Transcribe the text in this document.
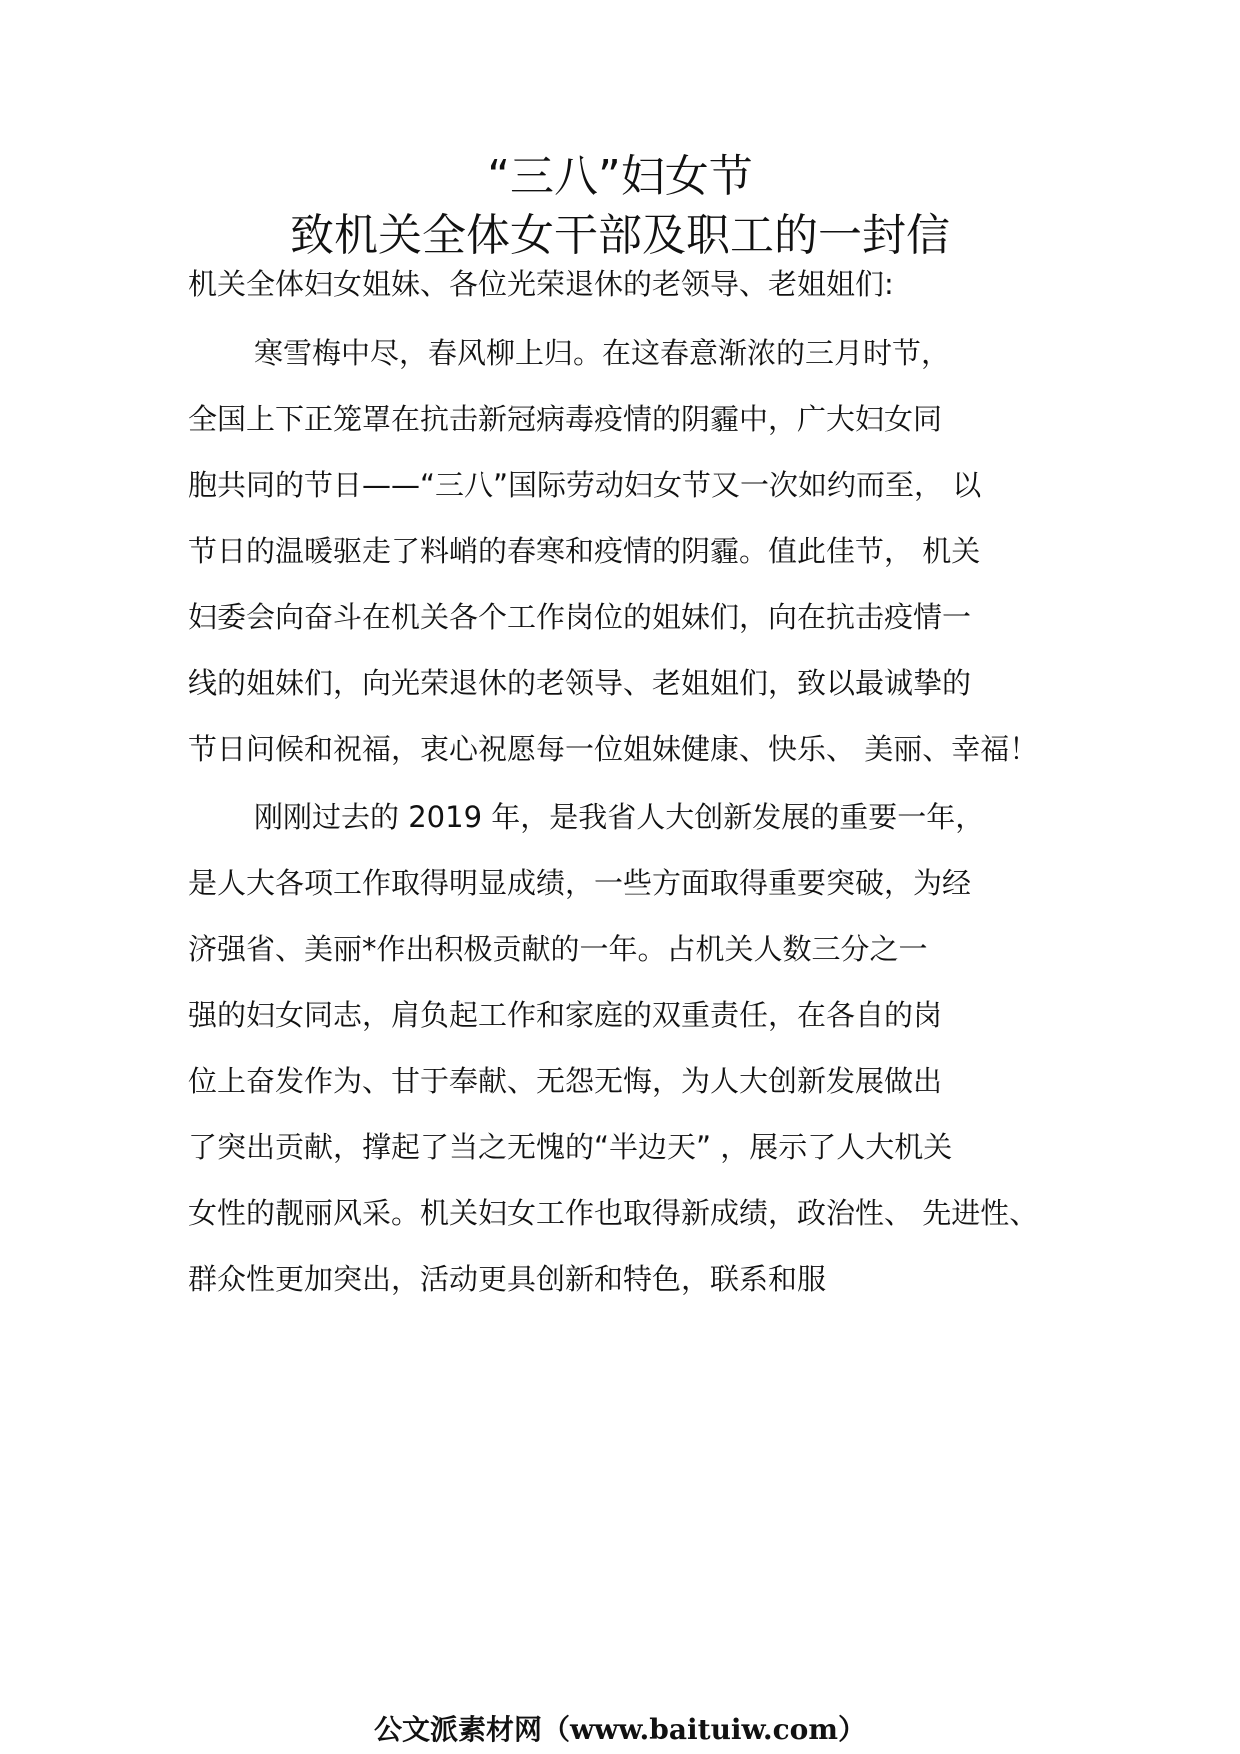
“三八”妇女节
致机关全体女干部及职工的一封信
机关全体妇女姐妹、各位光荣退休的老领导、老姐姐们:
寒雪梅中尽，春风柳上归。在这春意渐浓的三月时节，
全国上下正笼罩在抗击新冠病毒疫情的阴霾中，广大妇女同
胞共同的节日——“三八”国际劳动妇女节又一次如约而至， 以
节日的温暖驱走了料峭的春寒和疫情的阴霾。值此佳节， 机关
妇委会向奋斗在机关各个工作岗位的姐妹们，向在抗击疫情一
线的姐妹们，向光荣退休的老领导、老姐姐们，致以最诚挚的
节日问候和祝福，衷心祝愿每一位姐妹健康、快乐、 美丽、幸福！
刚刚过去的 2019 年，是我省人大创新发展的重要一年，
是人大各项工作取得明显成绩，一些方面取得重要突破，为经
济强省、美丽*作出积极贡献的一年。占机关人数三分之一
强的妇女同志，肩负起工作和家庭的双重责任，在各自的岗
位上奋发作为、甘于奉献、无怨无悔，为人大创新发展做出
了突出贡献，撑起了当之无愧的“半边天” ，展示了人大机关
女性的靓丽风采。机关妇女工作也取得新成绩，政治性、 先进性、
群众性更加突出，活动更具创新和特色，联系和服
公文派素材网（www.baituiw.com）
